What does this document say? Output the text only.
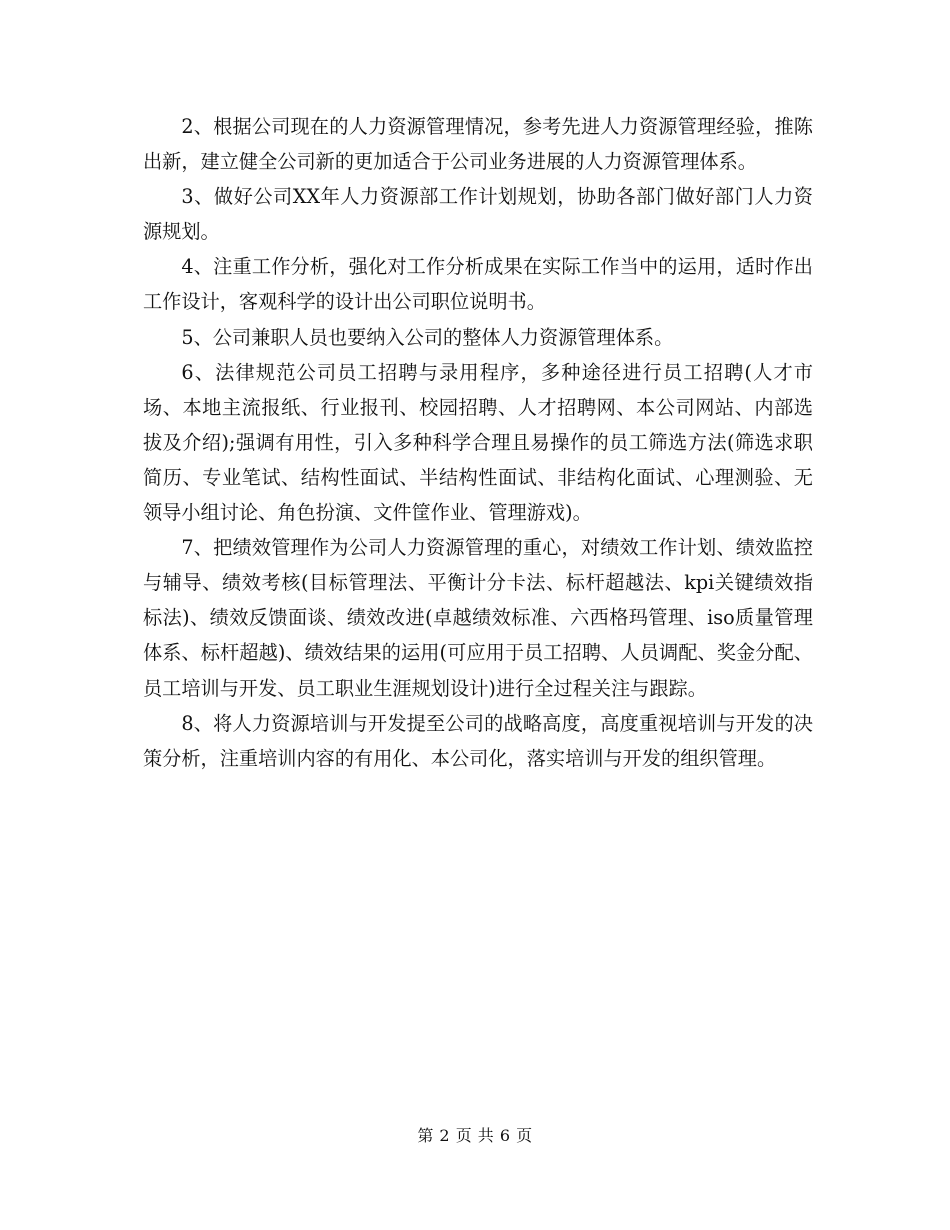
2、根据公司现在的人力资源管理情况，参考先进人力资源管理经验，推陈出新，建立健全公司新的更加适合于公司业务进展的人力资源管理体系。

3、做好公司XX年人力资源部工作计划规划，协助各部门做好部门人力资源规划。

4、注重工作分析，强化对工作分析成果在实际工作当中的运用，适时作出工作设计，客观科学的设计出公司职位说明书。

5、公司兼职人员也要纳入公司的整体人力资源管理体系。

6、法律规范公司员工招聘与录用程序，多种途径进行员工招聘(人才市场、本地主流报纸、行业报刊、校园招聘、人才招聘网、本公司网站、内部选拔及介绍);强调有用性，引入多种科学合理且易操作的员工筛选方法(筛选求职简历、专业笔试、结构性面试、半结构性面试、非结构化面试、心理测验、无领导小组讨论、角色扮演、文件筐作业、管理游戏)。

7、把绩效管理作为公司人力资源管理的重心，对绩效工作计划、绩效监控与辅导、绩效考核(目标管理法、平衡计分卡法、标杆超越法、kpi关键绩效指标法)、绩效反馈面谈、绩效改进(卓越绩效标准、六西格玛管理、iso质量管理体系、标杆超越)、绩效结果的运用(可应用于员工招聘、人员调配、奖金分配、员工培训与开发、员工职业生涯规划设计)进行全过程关注与跟踪。

8、将人力资源培训与开发提至公司的战略高度，高度重视培训与开发的决策分析，注重培训内容的有用化、本公司化，落实培训与开发的组织管理。

第 2 页 共 6 页
